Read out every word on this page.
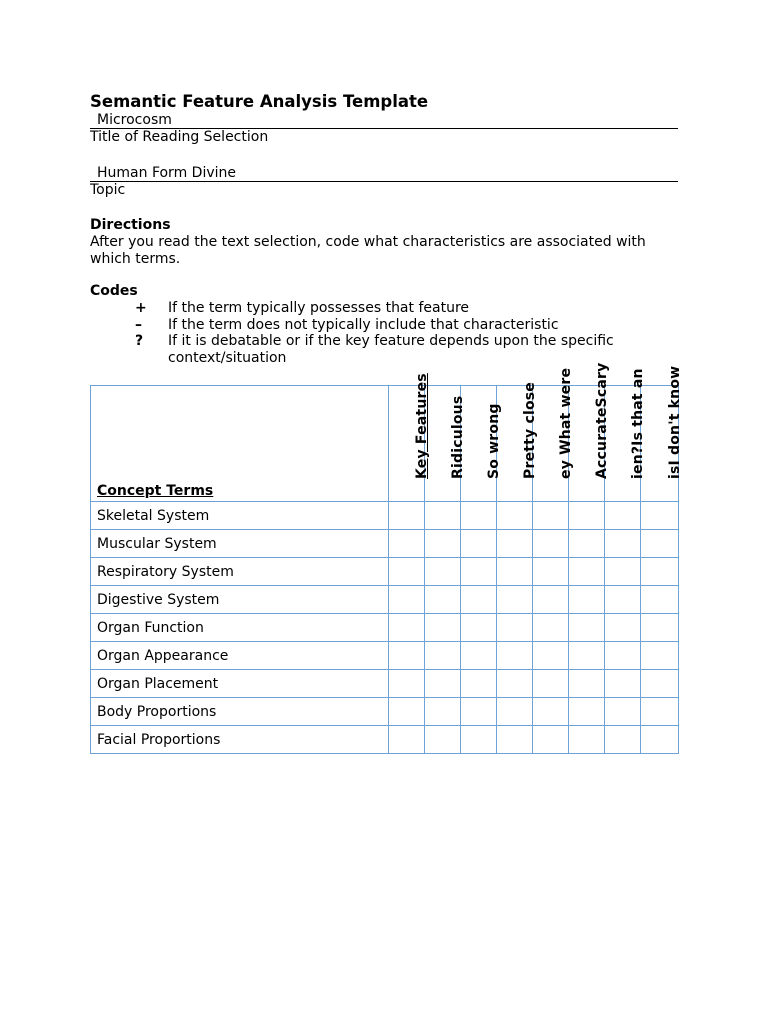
Semantic Feature Analysis Template
Microcosm
Title of Reading Selection
Human Form Divine
Topic
Directions
After you read the text selection, code what characteristics are associated with which terms.
Codes
+	If the term typically possesses that feature
–	If the term does not typically include that characteristic
?	If it is debatable or if the key feature depends upon the specific context/situation
Concept Terms	Key Features	Ridiculous	So wrong	Pretty close	ey What were	AccurateScary	ien?Is that an	isI don't know

Skeletal System								
Muscular System								
Respiratory System								
Digestive System								
Organ Function								
Organ Appearance								
Organ Placement								
Body Proportions								
Facial Proportions								
